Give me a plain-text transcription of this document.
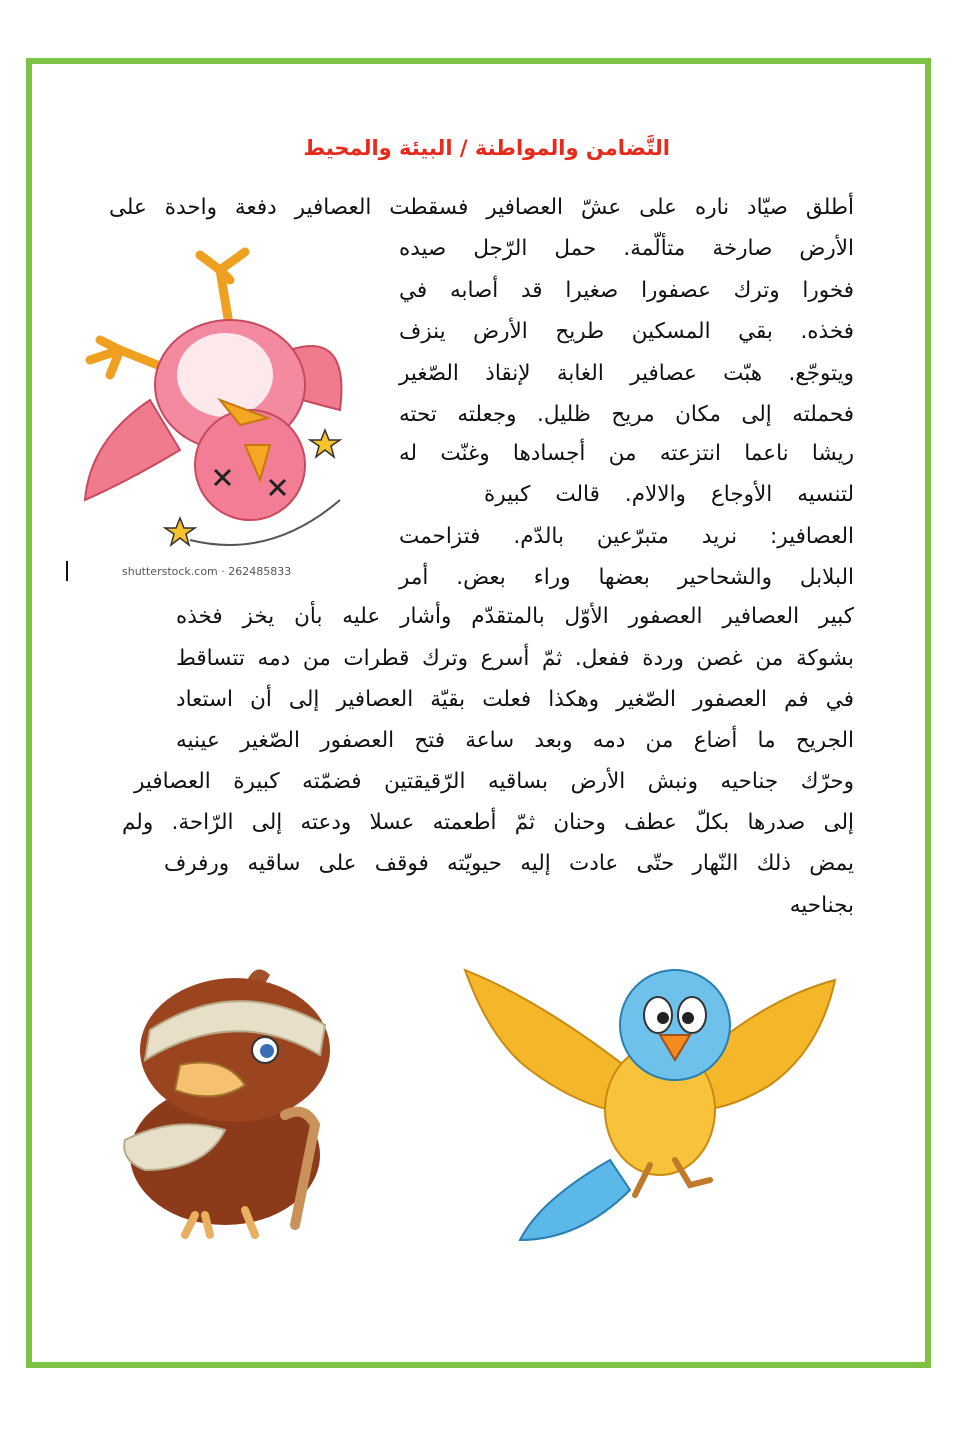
التَّضامن والمواطنة / البيئة والمحيط
أطلق صيّاد ناره على عشّ العصافير فسقطت العصافير دفعة واحدة على
الأرض صارخة متألّمة. حمل الرّجل صيده
فخورا وترك عصفورا صغيرا قد أصابه في
فخذه. بقي المسكين طريح الأرض ينزف
ويتوجّع. هبّت عصافير الغابة لإنقاذ الصّغير
فحملته إلى مكان مريح ظليل. وجعلته تحته
ريشا ناعما انتزعته من أجسادها وغنّت له
لتنسيه الأوجاع والالام. قالت كبيرة
العصافير: نريد متبرّعين بالدّم. فتزاحمت
البلابل والشحاحير بعضها وراء بعض. أمر
كبير العصافير العصفور الأوّل بالمتقدّم وأشار عليه بأن يخز فخذه
بشوكة من غصن وردة ففعل. ثمّ أسرع وترك قطرات من دمه تتساقط
في فم العصفور الصّغير وهكذا فعلت بقيّة العصافير إلى أن استعاد
الجريح ما أضاع من دمه وبعد ساعة فتح العصفور الصّغير عينيه
وحرّك جناحيه ونبش الأرض بساقيه الرّقيقتين فضمّته كبيرة العصافير
إلى صدرها بكلّ عطف وحنان ثمّ أطعمته عسلا ودعته إلى الرّاحة. ولم
يمض ذلك النّهار حتّى عادت إليه حيويّته فوقف على ساقيه ورفرف
بجناحيه
shutterstock.com · 262485833
